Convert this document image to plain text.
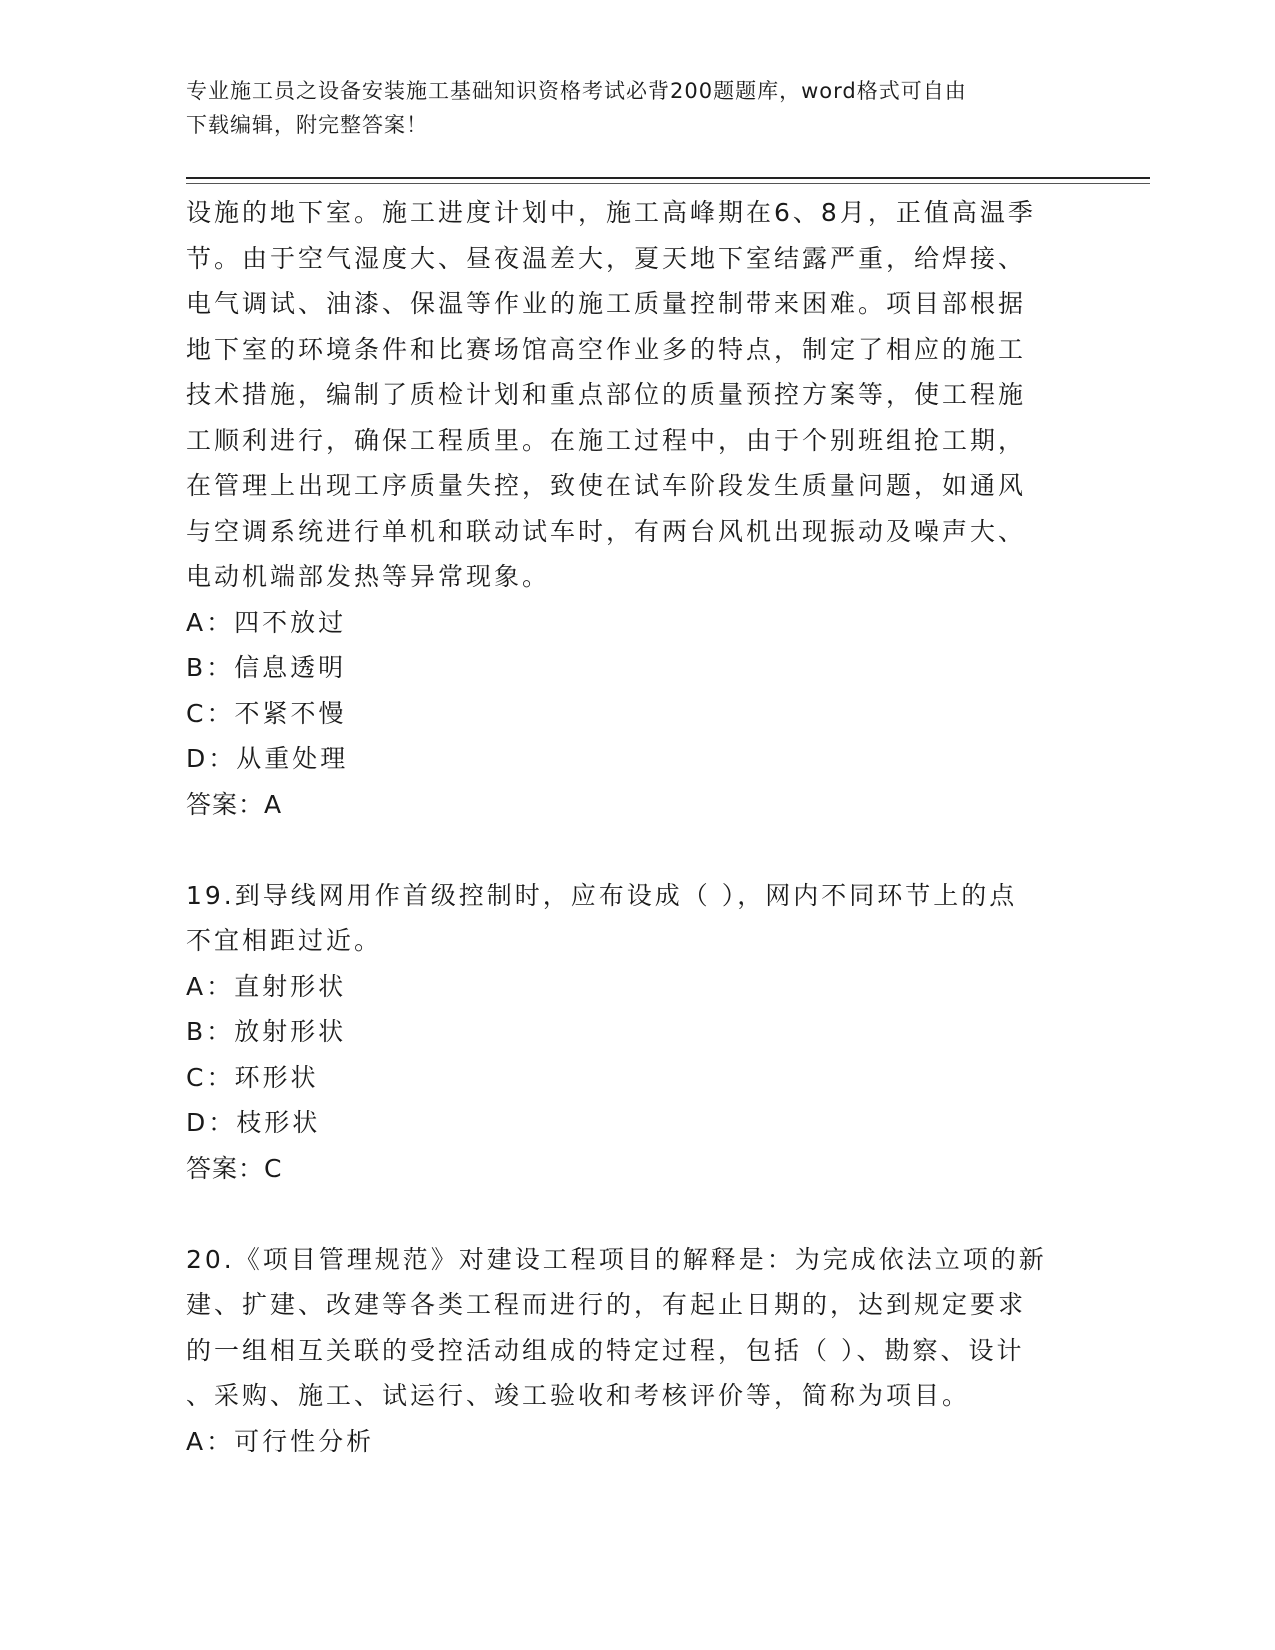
专业施工员之设备安装施工基础知识资格考试必背200题题库，word格式可自由
下载编辑，附完整答案！
设施的地下室。施工进度计划中，施工高峰期在6、8月，正值高温季
节。由于空气湿度大、昼夜温差大，夏天地下室结露严重，给焊接、
电气调试、油漆、保温等作业的施工质量控制带来困难。项目部根据
地下室的环境条件和比赛场馆高空作业多的特点，制定了相应的施工
技术措施，编制了质检计划和重点部位的质量预控方案等，使工程施
工顺利进行，确保工程质里。在施工过程中，由于个别班组抢工期，
在管理上出现工序质量失控，致使在试车阶段发生质量问题，如通风
与空调系统进行单机和联动试车时，有两台风机出现振动及噪声大、
电动机端部发热等异常现象。
A：四不放过
B：信息透明
C：不紧不慢
D：从重处理
答案：A
19.到导线网用作首级控制时，应布设成（ ），网内不同环节上的点
不宜相距过近。
A：直射形状
B：放射形状
C：环形状
D：枝形状
答案：C
20.《项目管理规范》对建设工程项目的解释是：为完成依法立项的新
建、扩建、改建等各类工程而进行的，有起止日期的，达到规定要求
的一组相互关联的受控活动组成的特定过程，包括（ ）、勘察、设计
、采购、施工、试运行、竣工验收和考核评价等，简称为项目。
A：可行性分析
